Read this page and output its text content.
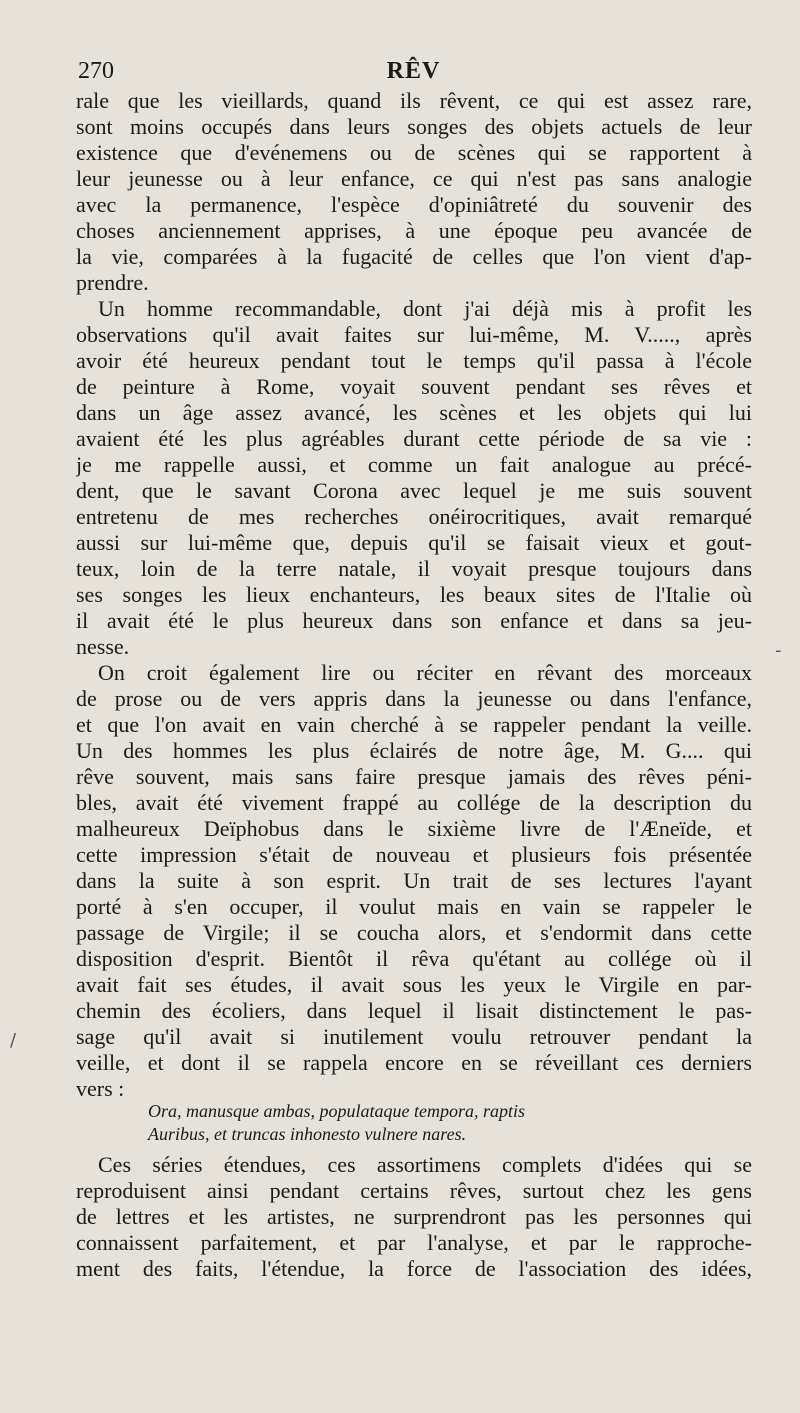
270	RÊV
rale que les vieillards, quand ils rêvent, ce qui est assez rare,
sont moins occupés dans leurs songes des objets actuels de leur
existence que d'evénemens ou de scènes qui se rapportent à
leur jeunesse ou à leur enfance, ce qui n'est pas sans analogie
avec la permanence, l'espèce d'opiniâtreté du souvenir des
choses anciennement apprises, à une époque peu avancée de
la vie, comparées à la fugacité de celles que l'on vient d'ap-
prendre.
Un homme recommandable, dont j'ai déjà mis à profit les
observations qu'il avait faites sur lui-même, M. V....., après
avoir été heureux pendant tout le temps qu'il passa à l'école
de peinture à Rome, voyait souvent pendant ses rêves et
dans un âge assez avancé, les scènes et les objets qui lui
avaient été les plus agréables durant cette période de sa vie :
je me rappelle aussi, et comme un fait analogue au précé-
dent, que le savant Corona avec lequel je me suis souvent
entretenu de mes recherches onéirocritiques, avait remarqué
aussi sur lui-même que, depuis qu'il se faisait vieux et gout-
teux, loin de la terre natale, il voyait presque toujours dans
ses songes les lieux enchanteurs, les beaux sites de l'Italie où
il avait été le plus heureux dans son enfance et dans sa jeu-
nesse.
On croit également lire ou réciter en rêvant des morceaux
de prose ou de vers appris dans la jeunesse ou dans l'enfance,
et que l'on avait en vain cherché à se rappeler pendant la veille.
Un des hommes les plus éclairés de notre âge, M. G.... qui
rêve souvent, mais sans faire presque jamais des rêves péni-
bles, avait été vivement frappé au collége de la description du
malheureux Deïphobus dans le sixième livre de l'Æneïde, et
cette impression s'était de nouveau et plusieurs fois présentée
dans la suite à son esprit. Un trait de ses lectures l'ayant
porté à s'en occuper, il voulut mais en vain se rappeler le
passage de Virgile; il se coucha alors, et s'endormit dans cette
disposition d'esprit. Bientôt il rêva qu'étant au collége où il
avait fait ses études, il avait sous les yeux le Virgile en par-
chemin des écoliers, dans lequel il lisait distinctement le pas-
sage qu'il avait si inutilement voulu retrouver pendant la
veille, et dont il se rappela encore en se réveillant ces derniers
vers :
Ora, manusque ambas, populataque tempora, raptis
Auribus, et truncas inhonesto vulnere nares.
Ces séries étendues, ces assortimens complets d'idées qui se
reproduisent ainsi pendant certains rêves, surtout chez les gens
de lettres et les artistes, ne surprendront pas les personnes qui
connaissent parfaitement, et par l'analyse, et par le rapproche-
ment des faits, l'étendue, la force de l'association des idées,
/
-
